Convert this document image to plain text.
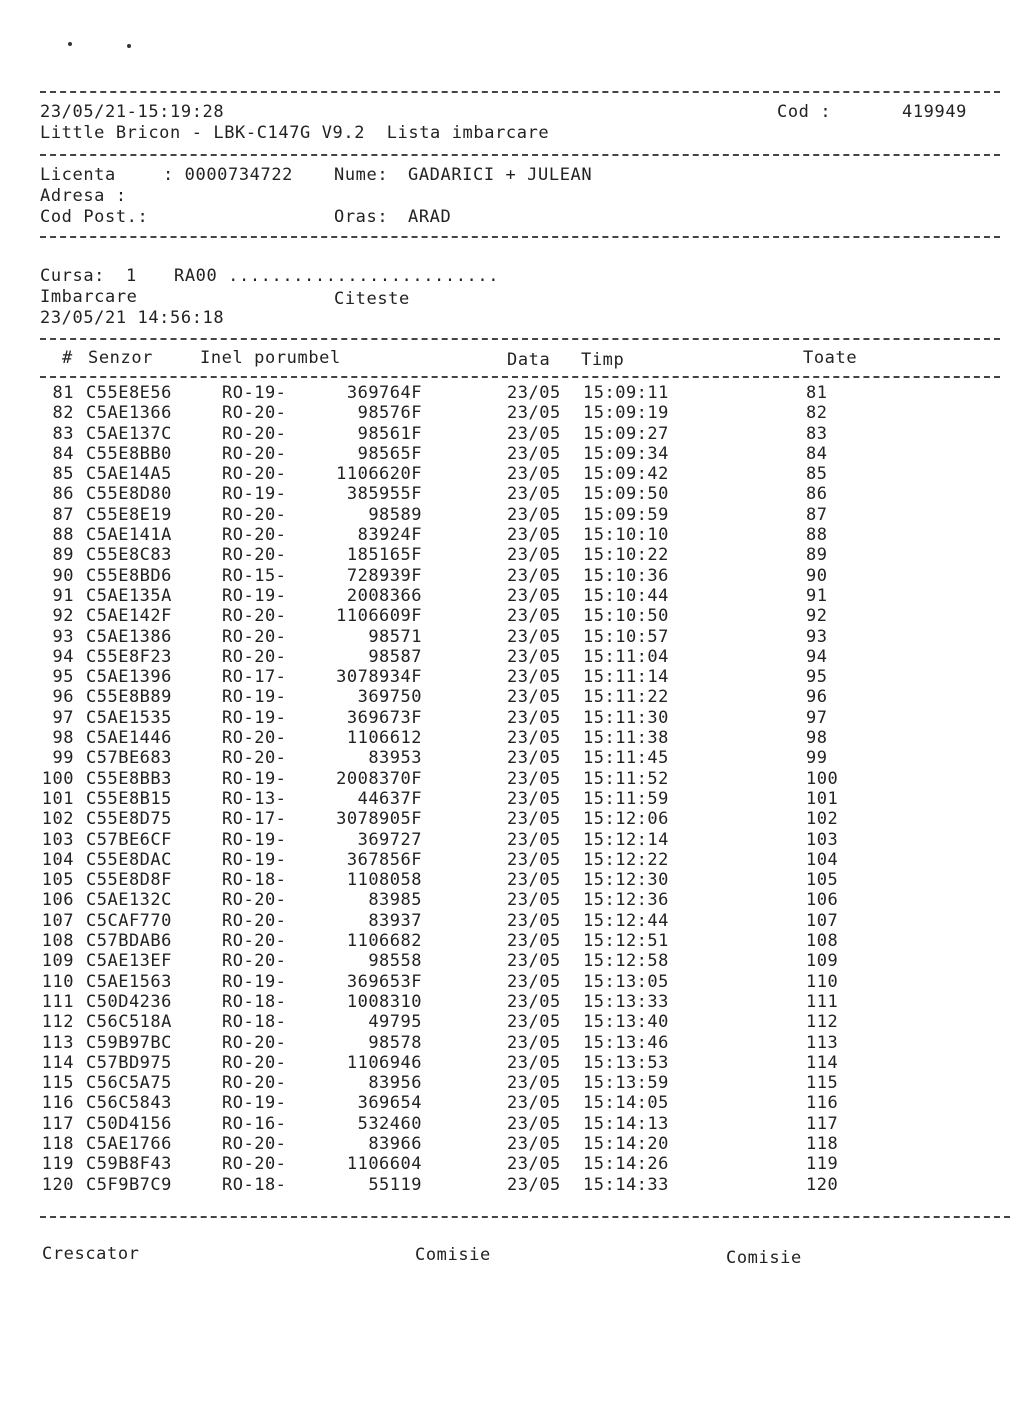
23/05/21-15:19:28	Cod :	419949
Little Bricon - LBK-C147G V9.2  Lista imbarcare
Licenta	: 0000734722 Nume: GADARICI + JULEAN
Adresa :
Cod Post.:	Oras: ARAD
Cursa: 1 RA00 .........................
Imbarcare	Citeste
23/05/21 14:56:18
# Senzor	Inel porumbel	Data Timp	Toate
81 C55E8E56	RO-19-	369764F	23/05 15:09:11	81
82 C5AE1366	RO-20-	98576F	23/05 15:09:19	82
83 C5AE137C	RO-20-	98561F	23/05 15:09:27	83
84 C55E8BB0	RO-20-	98565F	23/05 15:09:34	84
85 C5AE14A5	RO-20-	1106620F	23/05 15:09:42	85
86 C55E8D80	RO-19-	385955F	23/05 15:09:50	86
87 C55E8E19	RO-20-	98589	23/05 15:09:59	87
88 C5AE141A	RO-20-	83924F	23/05 15:10:10	88
89 C55E8C83	RO-20-	185165F	23/05 15:10:22	89
90 C55E8BD6	RO-15-	728939F	23/05 15:10:36	90
91 C5AE135A	RO-19-	2008366	23/05 15:10:44	91
92 C5AE142F	RO-20-	1106609F	23/05 15:10:50	92
93 C5AE1386	RO-20-	98571	23/05 15:10:57	93
94 C55E8F23	RO-20-	98587	23/05 15:11:04	94
95 C5AE1396	RO-17-	3078934F	23/05 15:11:14	95
96 C55E8B89	RO-19-	369750	23/05 15:11:22	96
97 C5AE1535	RO-19-	369673F	23/05 15:11:30	97
98 C5AE1446	RO-20-	1106612	23/05 15:11:38	98
99 C57BE683	RO-20-	83953	23/05 15:11:45	99
100 C55E8BB3	RO-19-	2008370F	23/05 15:11:52	100
101 C55E8B15	RO-13-	44637F	23/05 15:11:59	101
102 C55E8D75	RO-17-	3078905F	23/05 15:12:06	102
103 C57BE6CF	RO-19-	369727	23/05 15:12:14	103
104 C55E8DAC	RO-19-	367856F	23/05 15:12:22	104
105 C55E8D8F	RO-18-	1108058	23/05 15:12:30	105
106 C5AE132C	RO-20-	83985	23/05 15:12:36	106
107 C5CAF770	RO-20-	83937	23/05 15:12:44	107
108 C57BDAB6	RO-20-	1106682	23/05 15:12:51	108
109 C5AE13EF	RO-20-	98558	23/05 15:12:58	109
110 C5AE1563	RO-19-	369653F	23/05 15:13:05	110
111 C50D4236	RO-18-	1008310	23/05 15:13:33	111
112 C56C518A	RO-18-	49795	23/05 15:13:40	112
113 C59B97BC	RO-20-	98578	23/05 15:13:46	113
114 C57BD975	RO-20-	1106946	23/05 15:13:53	114
115 C56C5A75	RO-20-	83956	23/05 15:13:59	115
116 C56C5843	RO-19-	369654	23/05 15:14:05	116
117 C50D4156	RO-16-	532460	23/05 15:14:13	117
118 C5AE1766	RO-20-	83966	23/05 15:14:20	118
119 C59B8F43	RO-20-	1106604	23/05 15:14:26	119
120 C5F9B7C9	RO-18-	55119	23/05 15:14:33	120
Crescator	Comisie	Comisie
